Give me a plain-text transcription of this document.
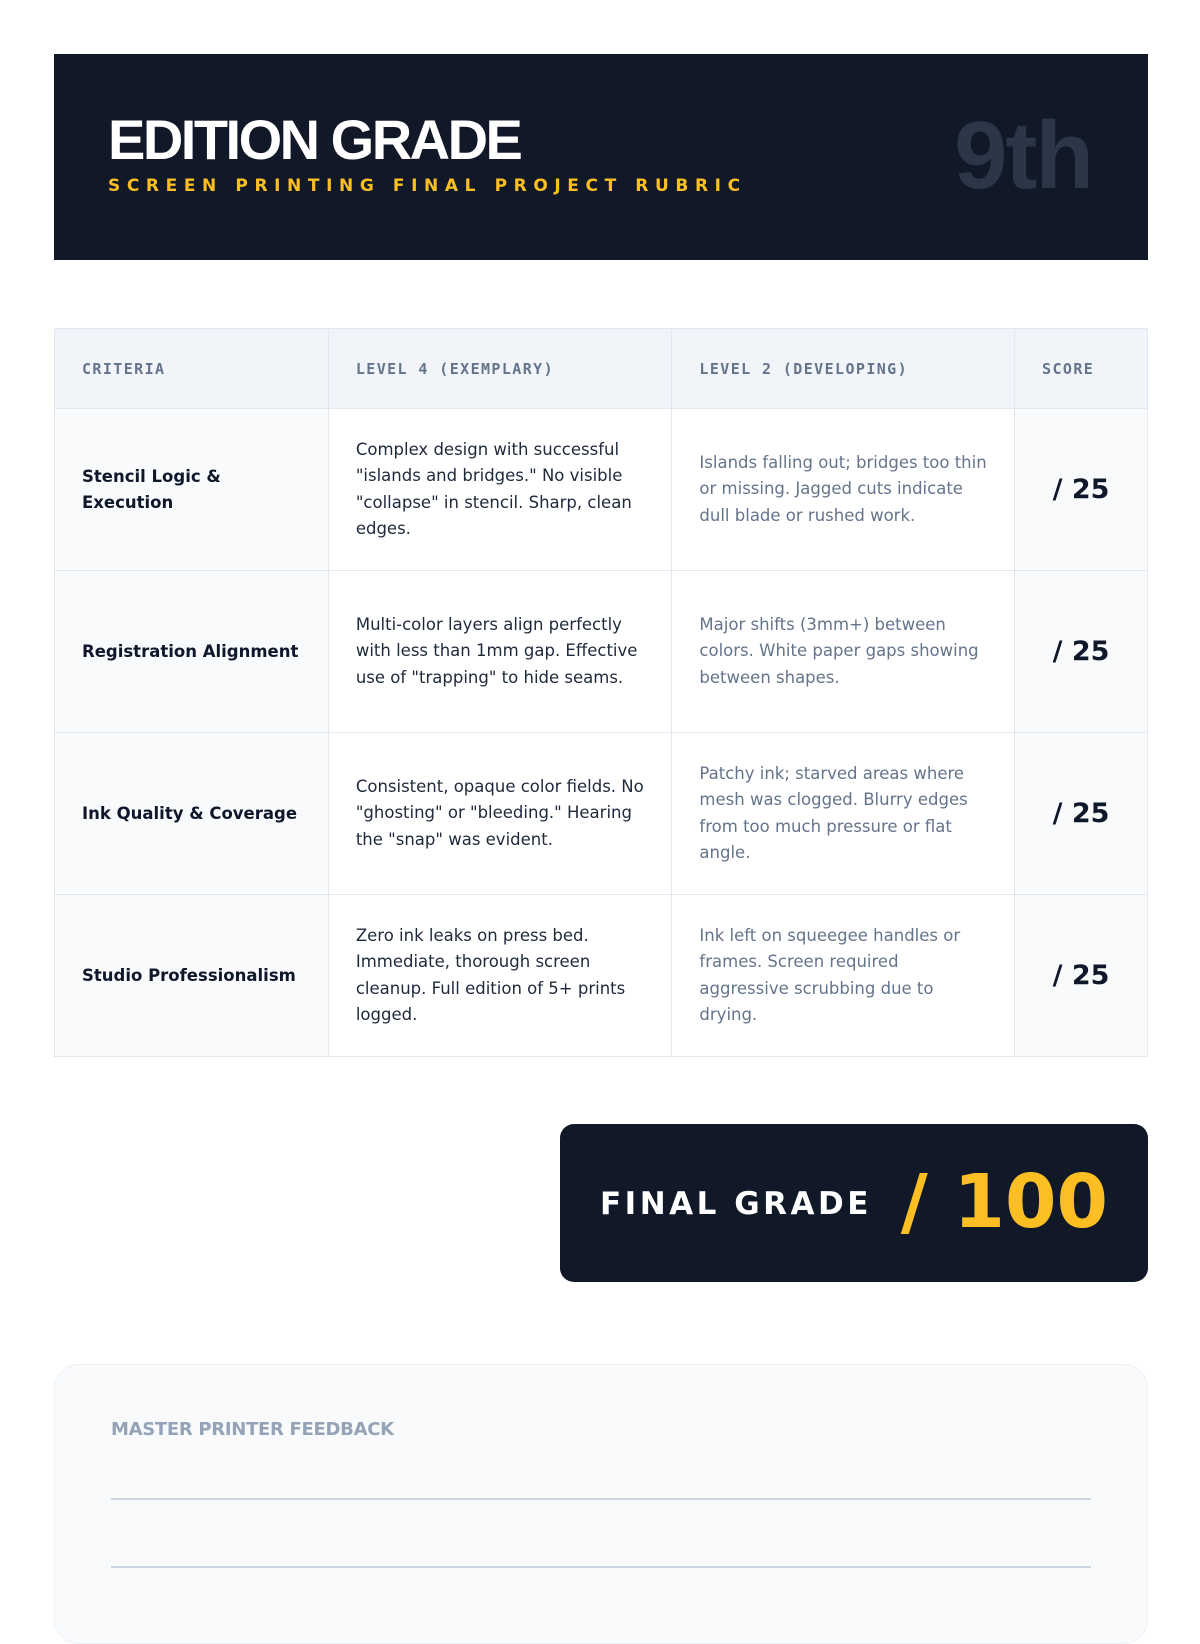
EDITION GRADE
SCREEN PRINTING FINAL PROJECT RUBRIC	9th
CRITERIA	LEVEL 4 (EXEMPLARY)	LEVEL 2 (DEVELOPING)	SCORE
Stencil Logic & Execution	Complex design with successful "islands and bridges." No visible "collapse" in stencil. Sharp, clean edges.	Islands falling out; bridges too thin or missing. Jagged cuts indicate dull blade or rushed work.	/ 25
Registration Alignment	Multi-color layers align perfectly with less than 1mm gap. Effective use of "trapping" to hide seams.	Major shifts (3mm+) between colors. White paper gaps showing between shapes.	/ 25
Ink Quality & Coverage	Consistent, opaque color fields. No "ghosting" or "bleeding." Hearing the "snap" was evident.	Patchy ink; starved areas where mesh was clogged. Blurry edges from too much pressure or flat angle.	/ 25
Studio Professionalism	Zero ink leaks on press bed. Immediate, thorough screen cleanup. Full edition of 5+ prints logged.	Ink left on squeegee handles or frames. Screen required aggressive scrubbing due to drying.	/ 25
FINAL GRADE / 100
MASTER PRINTER FEEDBACK
